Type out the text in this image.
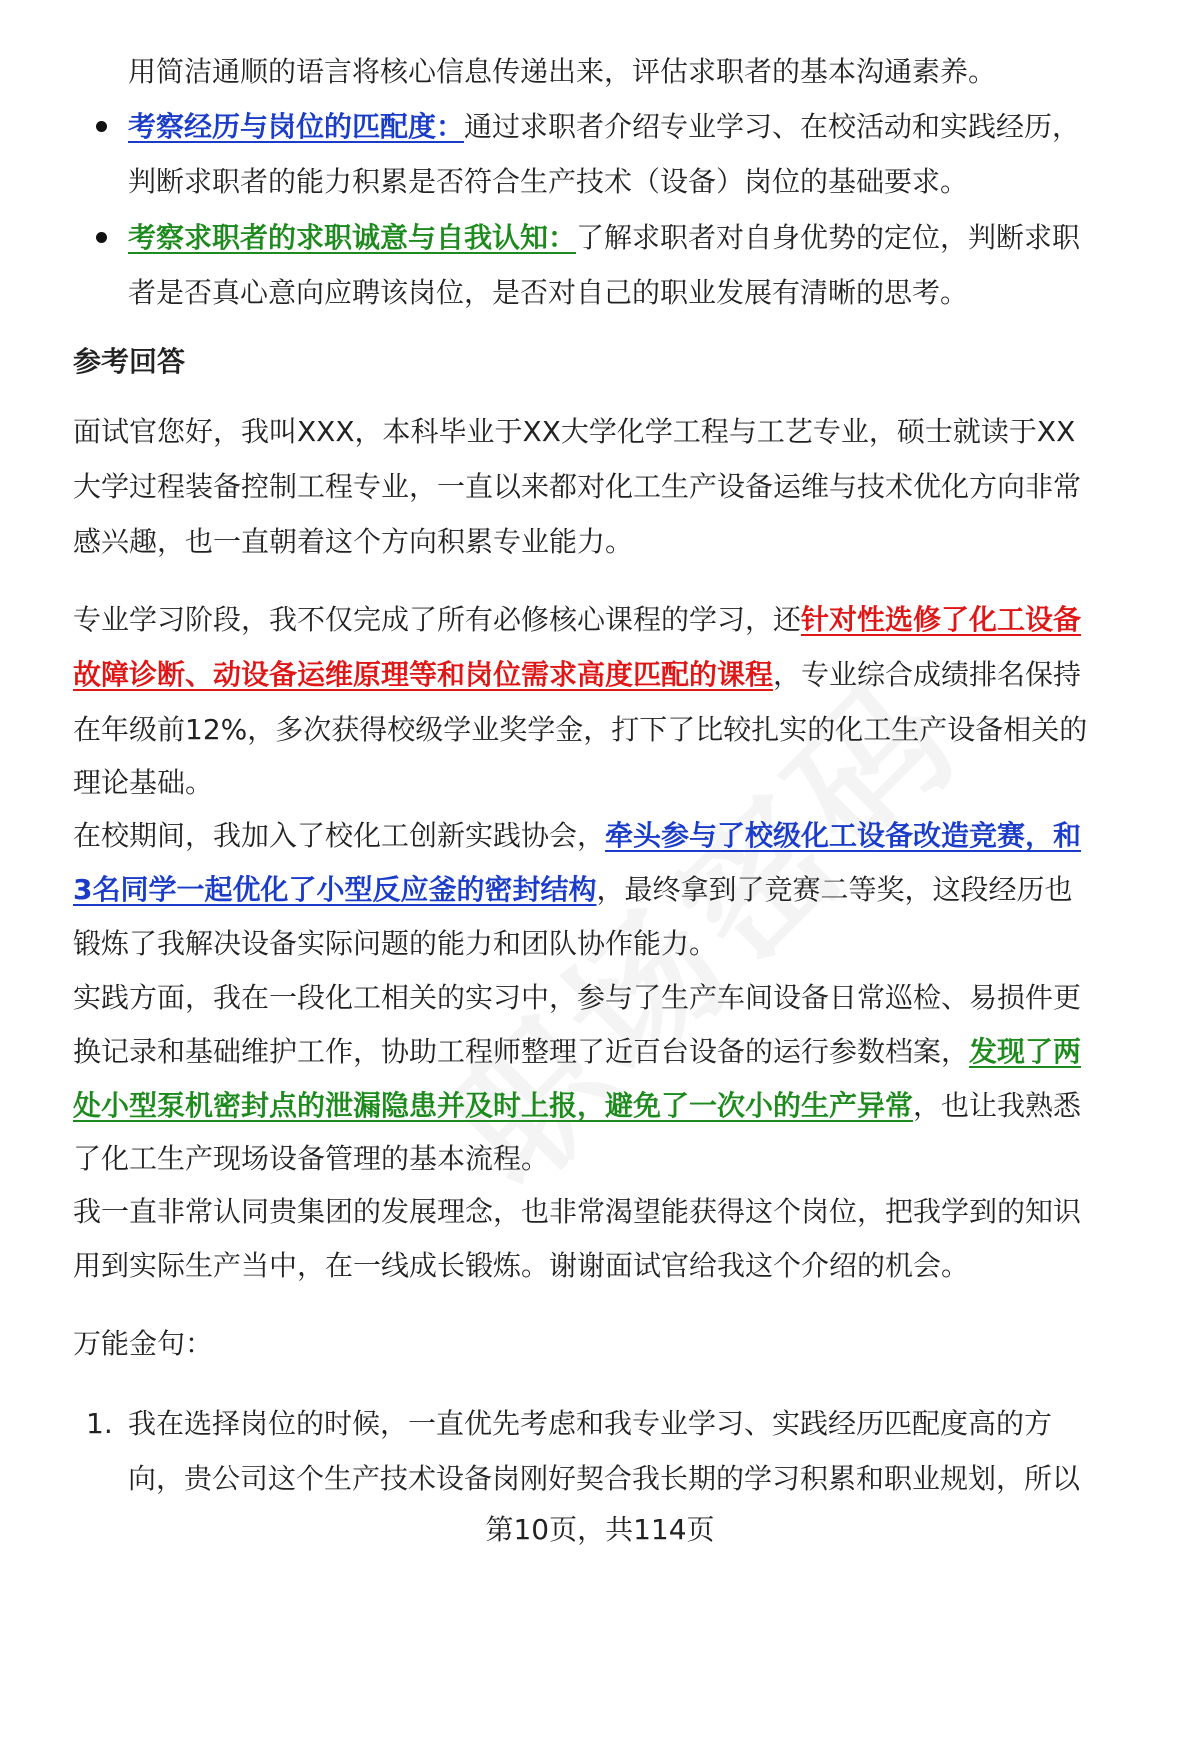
用简洁通顺的语言将核心信息传递出来，评估求职者的基本沟通素养。
考察经历与岗位的匹配度：通过求职者介绍专业学习、在校活动和实践经历，
判断求职者的能力积累是否符合生产技术（设备）岗位的基础要求。
考察求职者的求职诚意与自我认知：了解求职者对自身优势的定位，判断求职
者是否真心意向应聘该岗位，是否对自己的职业发展有清晰的思考。
参考回答
面试官您好，我叫XXX，本科毕业于XX大学化学工程与工艺专业，硕士就读于XX
大学过程装备控制工程专业，一直以来都对化工生产设备运维与技术优化方向非常
感兴趣，也一直朝着这个方向积累专业能力。
专业学习阶段，我不仅完成了所有必修核心课程的学习，还针对性选修了化工设备
故障诊断、动设备运维原理等和岗位需求高度匹配的课程，专业综合成绩排名保持
在年级前12%，多次获得校级学业奖学金，打下了比较扎实的化工生产设备相关的
理论基础。
在校期间，我加入了校化工创新实践协会，牵头参与了校级化工设备改造竞赛，和
3名同学一起优化了小型反应釜的密封结构，最终拿到了竞赛二等奖，这段经历也
锻炼了我解决设备实际问题的能力和团队协作能力。
实践方面，我在一段化工相关的实习中，参与了生产车间设备日常巡检、易损件更
换记录和基础维护工作，协助工程师整理了近百台设备的运行参数档案，发现了两
处小型泵机密封点的泄漏隐患并及时上报，避免了一次小的生产异常，也让我熟悉
了化工生产现场设备管理的基本流程。
我一直非常认同贵集团的发展理念，也非常渴望能获得这个岗位，把我学到的知识
用到实际生产当中，在一线成长锻炼。谢谢面试官给我这个介绍的机会。
万能金句：
1. 我在选择岗位的时候，一直优先考虑和我专业学习、实践经历匹配度高的方
向，贵公司这个生产技术设备岗刚好契合我长期的学习积累和职业规划，所以
第10页，共114页
